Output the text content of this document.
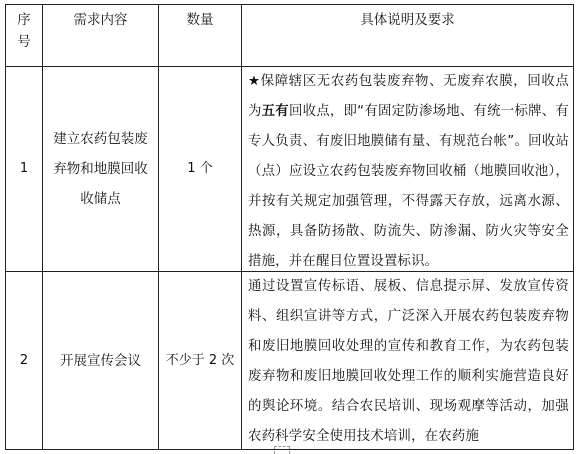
序号	需求内容	数量	具体说明及要求
1	建立农药包装废弃物和地膜回收收储点	1 个	★保障辖区无农药包装废弃物、无废弃农膜，回收点为五有回收点，即“有固定防渗场地、有统一标牌、有专人负责、有废旧地膜储有量、有规范台帐”。回收站（点）应设立农药包装废弃物回收桶（地膜回收池），并按有关规定加强管理，不得露天存放，远离水源、热源，具备防扬散、防流失、防渗漏、防火灾等安全措施，并在醒目位置设置标识。

2	开展宣传会议	不少于 2 次	通过设置宣传标语、展板、信息提示屏、发放宣传资料、组织宣讲等方式，广泛深入开展农药包装废弃物和废旧地膜回收处理的宣传和教育工作，为农药包装废弃物和废旧地膜回收处理工作的顺利实施营造良好的舆论环境。结合农民培训、现场观摩等活动，加强农药科学安全使用技术培训，在农药施
